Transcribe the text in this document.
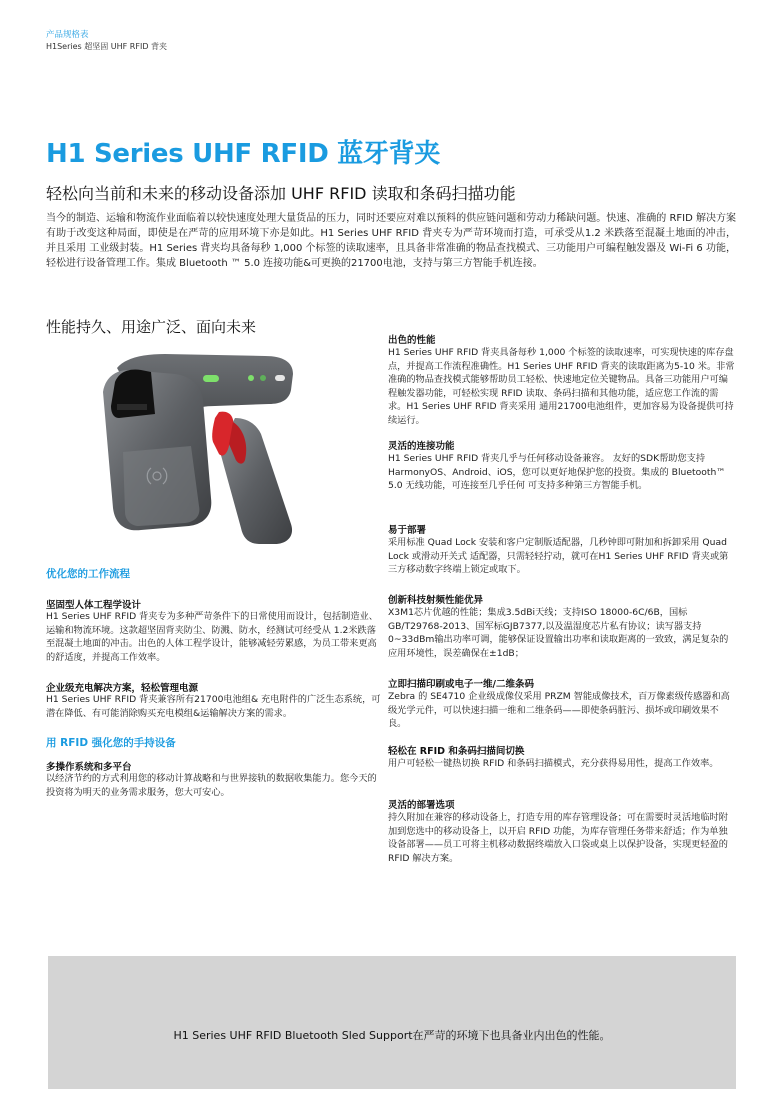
产品规格表
H1Series 超坚固 UHF RFID 背夹
H1 Series UHF RFID 蓝牙背夹
轻松向当前和未来的移动设备添加 UHF RFID 读取和条码扫描功能
当今的制造、运输和物流作业面临着以较快速度处理大量货品的压力，同时还要应对难以预料的供应链问题和劳动力稀缺问题。快速、准确的 RFID 解决方案有助于改变这种局面，即使是在严苛的应用环境下亦是如此。H1 Series UHF RFID 背夹专为严苛环境而打造，可承受从1.2 米跌落至混凝土地面的冲击，并且采用 工业级封装。H1 Series 背夹均具备每秒 1,000 个标签的读取速率，且具备非常准确的物品查找模式、三功能用户可编程触发器及 Wi-Fi 6 功能，轻松进行设备管理工作。集成 Bluetooth ™ 5.0 连接功能&可更换的21700电池，支持与第三方智能手机连接。
性能持久、用途广泛、面向未来
优化您的工作流程
坚固型人体工程学设计
H1 Series UHF RFID 背夹专为多种严苛条件下的日常使用而设计，包括制造业、运输和物流环境。这款超坚固背夹防尘、防溅、防水，经测试可经受从 1.2米跌落至混凝土地面的冲击。出色的人体工程学设计，能够减轻劳累感，为员工带来更高的舒适度，并提高工作效率。
企业级充电解决方案，轻松管理电源
H1 Series UHF RFID 背夹兼容所有21700电池组& 充电附件的广泛生态系统，可潜在降低、有可能消除购买充电模组&运输解决方案的需求。
用 RFID 强化您的手持设备
多操作系统和多平台
以经济节约的方式利用您的移动计算战略和与世界接轨的数据收集能力。您今天的投资将为明天的业务需求服务，您大可安心。
出色的性能
H1 Series UHF RFID 背夹具备每秒 1,000 个标签的读取速率，可实现快速的库存盘点，并提高工作流程准确性。H1 Series UHF RFID 背夹的读取距离为5-10 米。非常准确的物品查找模式能够帮助员工轻松、快速地定位关键物品。具备三功能用户可编程触发器功能，可轻松实现 RFID 读取、条码扫描和其他功能，适应您工作流的需求。H1 Series UHF RFID 背夹采用 通用21700电池组件，更加容易为设备提供可持续运行。
灵活的连接功能
H1 Series UHF RFID 背夹几乎与任何移动设备兼容。 友好的SDK帮助您支持HarmonyOS、Android、iOS，您可以更好地保护您的投资。集成的 Bluetooth™ 5.0 无线功能，可连接至几乎任何 可支持多种第三方智能手机。
易于部署
采用标准 Quad Lock 安装和客户定制版适配器，几秒钟即可附加和拆卸采用 Quad Lock 或滑动开关式 适配器，只需轻轻拧动，就可在H1 Series UHF RFID 背夹或第三方移动数字终端上锁定或取下。
创新科技射频性能优异
X3M1芯片优越的性能；集成3.5dBi天线；支持ISO 18000-6C/6B，国标GB/T29768-2013、国军标GJB7377,以及温湿度芯片私有协议；读写器支持0~33dBm输出功率可调，能够保证设置输出功率和读取距离的一致致，满足复杂的应用环境性，误差确保在±1dB；
立即扫描印刷或电子一维/二维条码
Zebra 的 SE4710 企业级成像仪采用 PRZM 智能成像技术，百万像素级传感器和高级光学元件，可以快速扫描一维和二维条码——即使条码脏污、损坏或印刷效果不良。
轻松在 RFID 和条码扫描间切换
用户可轻松一键热切换 RFID 和条码扫描模式，充分获得易用性，提高工作效率。
灵活的部署选项
持久附加在兼容的移动设备上，打造专用的库存管理设备；可在需要时灵活地临时附加到您选中的移动设备上，以开启 RFID 功能，为库存管理任务带来舒适；作为单独设备部署——员工可将主机移动数据终端放入口袋或桌上以保护设备，实现更轻盈的 RFID 解决方案。
H1 Series UHF RFID Bluetooth Sled Support在严苛的环境下也具备业内出色的性能。
